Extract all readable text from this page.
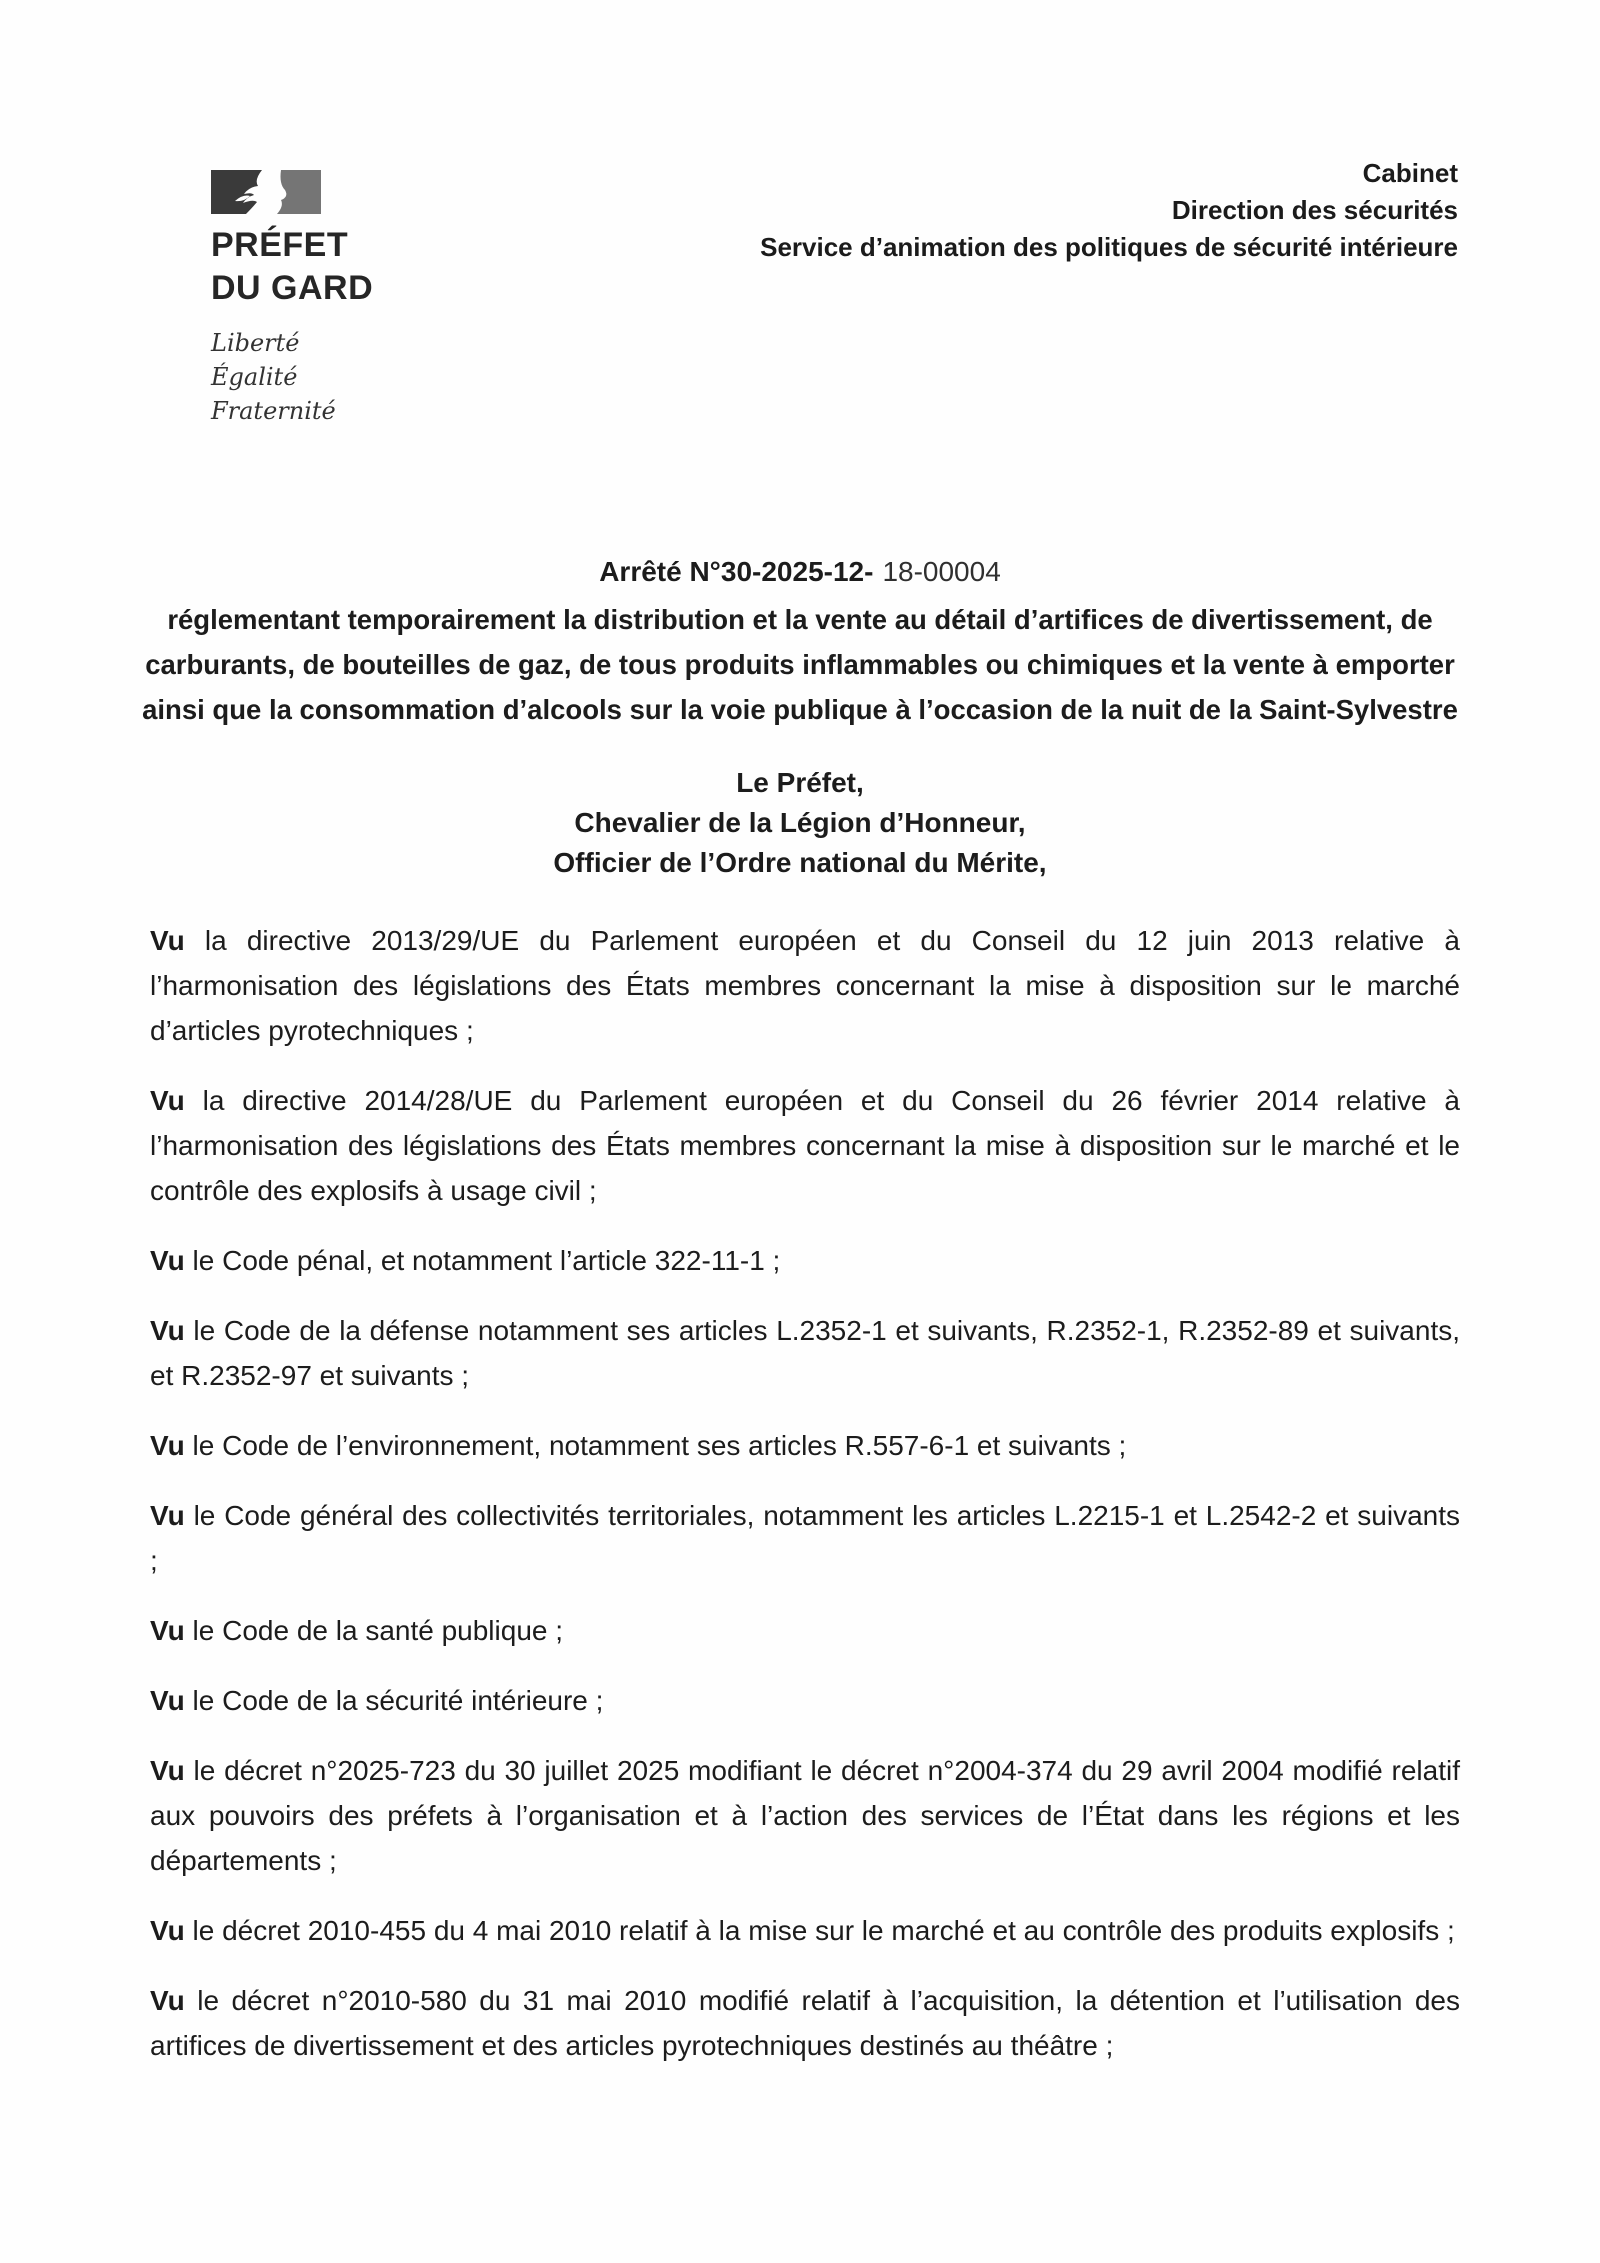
PRÉFET
DU GARD
Liberté
Égalité
Fraternité
Cabinet
Direction des sécurités
Service d’animation des politiques de sécurité intérieure
Arrêté N°30-2025-12- 18-00004

réglementant temporairement la distribution et la vente au détail d’artifices de divertissement, de carburants, de bouteilles de gaz, de tous produits inflammables ou chimiques et la vente à emporter ainsi que la consommation d’alcools sur la voie publique à l’occasion de la nuit de la Saint-Sylvestre

Le Préfet,
Chevalier de la Légion d’Honneur,
Officier de l’Ordre national du Mérite,

Vu la directive 2013/29/UE du Parlement européen et du Conseil du 12 juin 2013 relative à l’harmonisation des législations des États membres concernant la mise à disposition sur le marché d’articles pyrotechniques ;

Vu la directive 2014/28/UE du Parlement européen et du Conseil du 26 février 2014 relative à l’harmonisation des législations des États membres concernant la mise à disposition sur le marché et le contrôle des explosifs à usage civil ;

Vu le Code pénal, et notamment l’article 322-11-1 ;

Vu le Code de la défense notamment ses articles L.2352-1 et suivants, R.2352-1, R.2352-89 et suivants, et R.2352-97 et suivants ;

Vu le Code de l’environnement, notamment ses articles R.557-6-1 et suivants ;

Vu le Code général des collectivités territoriales, notamment les articles L.2215-1 et L.2542-2 et suivants ;

Vu le Code de la santé publique ;

Vu le Code de la sécurité intérieure ;

Vu le décret n°2025-723 du 30 juillet 2025 modifiant le décret n°2004-374 du 29 avril 2004 modifié relatif aux pouvoirs des préfets à l’organisation et à l’action des services de l’État dans les régions et les départements ;

Vu le décret 2010-455 du 4 mai 2010 relatif à la mise sur le marché et au contrôle des produits explosifs ;

Vu le décret n°2010-580 du 31 mai 2010 modifié relatif à l’acquisition, la détention et l’utilisation des artifices de divertissement et des articles pyrotechniques destinés au théâtre ;
